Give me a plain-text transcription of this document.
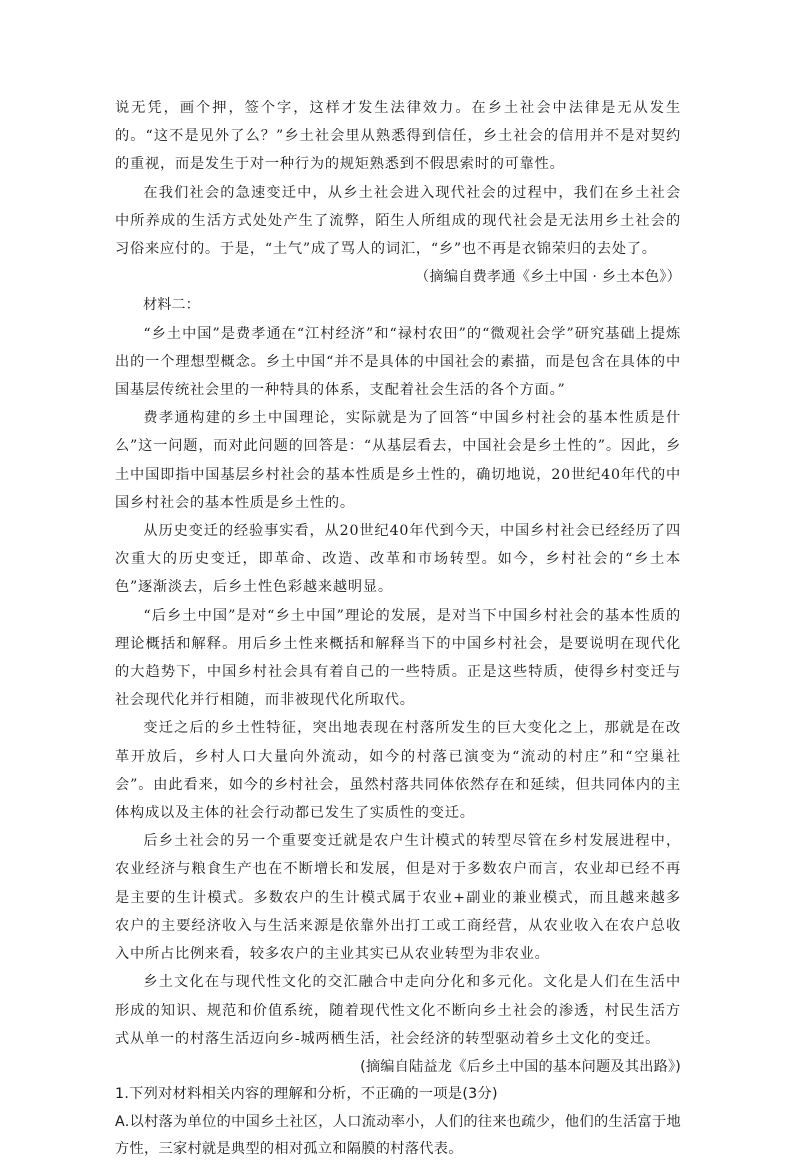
说无凭，画个押，签个字，这样才发生法律效力。在乡土社会中法律是无从发生的。“这不是见外了么？”乡土社会里从熟悉得到信任，乡土社会的信用并不是对契约的重视，而是发生于对一种行为的规矩熟悉到不假思索时的可靠性。

在我们社会的急速变迁中，从乡土社会进入现代社会的过程中，我们在乡土社会中所养成的生活方式处处产生了流弊，陌生人所组成的现代社会是无法用乡土社会的习俗来应付的。于是，“土气”成了骂人的词汇，“乡”也不再是衣锦荣归的去处了。

（摘编自费孝通《乡土中国 · 乡土本色》）

材料二：

“乡土中国”是费孝通在“江村经济”和“禄村农田”的“微观社会学”研究基础上提炼出的一个理想型概念。乡土中国“并不是具体的中国社会的素描，而是包含在具体的中国基层传统社会里的一种特具的体系，支配着社会生活的各个方面。”

费孝通构建的乡土中国理论，实际就是为了回答“中国乡村社会的基本性质是什么”这一问题，而对此问题的回答是：“从基层看去，中国社会是乡土性的”。因此，乡土中国即指中国基层乡村社会的基本性质是乡土性的，确切地说，20世纪40年代的中国乡村社会的基本性质是乡土性的。

从历史变迁的经验事实看，从20世纪40年代到今天，中国乡村社会已经经历了四次重大的历史变迁，即革命、改造、改革和市场转型。如今，乡村社会的“乡土本色”逐渐淡去，后乡土性色彩越来越明显。

“后乡土中国”是对“乡土中国”理论的发展，是对当下中国乡村社会的基本性质的理论概括和解释。用后乡土性来概括和解释当下的中国乡村社会，是要说明在现代化的大趋势下，中国乡村社会具有着自己的一些特质。正是这些特质，使得乡村变迁与社会现代化并行相随，而非被现代化所取代。

变迁之后的乡土性特征，突出地表现在村落所发生的巨大变化之上，那就是在改革开放后，乡村人口大量向外流动，如今的村落已演变为“流动的村庄”和“空巢社会”。由此看来，如今的乡村社会，虽然村落共同体依然存在和延续，但共同体内的主体构成以及主体的社会行动都已发生了实质性的变迁。

后乡土社会的另一个重要变迁就是农户生计模式的转型尽管在乡村发展进程中，农业经济与粮食生产也在不断增长和发展，但是对于多数农户而言，农业却已经不再是主要的生计模式。多数农户的生计模式属于农业+副业的兼业模式，而且越来越多农户的主要经济收入与生活来源是依靠外出打工或工商经营，从农业收入在农户总收入中所占比例来看，较多农户的主业其实已从农业转型为非农业。

乡土文化在与现代性文化的交汇融合中走向分化和多元化。文化是人们在生活中形成的知识、规范和价值系统，随着现代性文化不断向乡土社会的渗透，村民生活方式从单一的村落生活迈向乡-城两栖生活，社会经济的转型驱动着乡土文化的变迁。

(摘编自陆益龙《后乡土中国的基本问题及其出路》)

1.下列对材料相关内容的理解和分析，不正确的一项是(3分)

A.以村落为单位的中国乡土社区，人口流动率小，人们的往来也疏少，他们的生活富于地方性，三家村就是典型的相对孤立和隔膜的村落代表。
